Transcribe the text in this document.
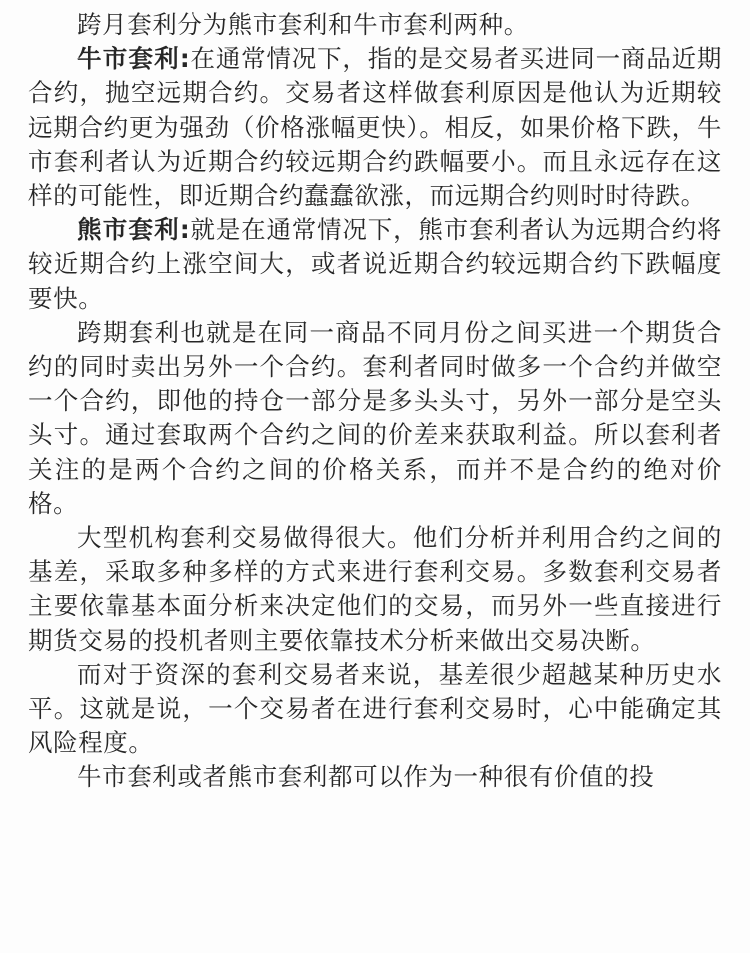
跨月套利分为熊市套利和牛市套利两种。

牛市套利:在通常情况下，指的是交易者买进同一商品近期合约，抛空远期合约。交易者这样做套利原因是他认为近期较远期合约更为强劲（价格涨幅更快）。相反，如果价格下跌，牛市套利者认为近期合约较远期合约跌幅要小。而且永远存在这样的可能性，即近期合约蠢蠢欲涨，而远期合约则时时待跌。

熊市套利:就是在通常情况下，熊市套利者认为远期合约将较近期合约上涨空间大，或者说近期合约较远期合约下跌幅度要快。

跨期套利也就是在同一商品不同月份之间买进一个期货合约的同时卖出另外一个合约。套利者同时做多一个合约并做空一个合约，即他的持仓一部分是多头头寸，另外一部分是空头头寸。通过套取两个合约之间的价差来获取利益。所以套利者关注的是两个合约之间的价格关系，而并不是合约的绝对价格。

大型机构套利交易做得很大。他们分析并利用合约之间的基差，采取多种多样的方式来进行套利交易。多数套利交易者主要依靠基本面分析来决定他们的交易，而另外一些直接进行期货交易的投机者则主要依靠技术分析来做出交易决断。

而对于资深的套利交易者来说，基差很少超越某种历史水平。这就是说，一个交易者在进行套利交易时，心中能确定其风险程度。

牛市套利或者熊市套利都可以作为一种很有价值的投
